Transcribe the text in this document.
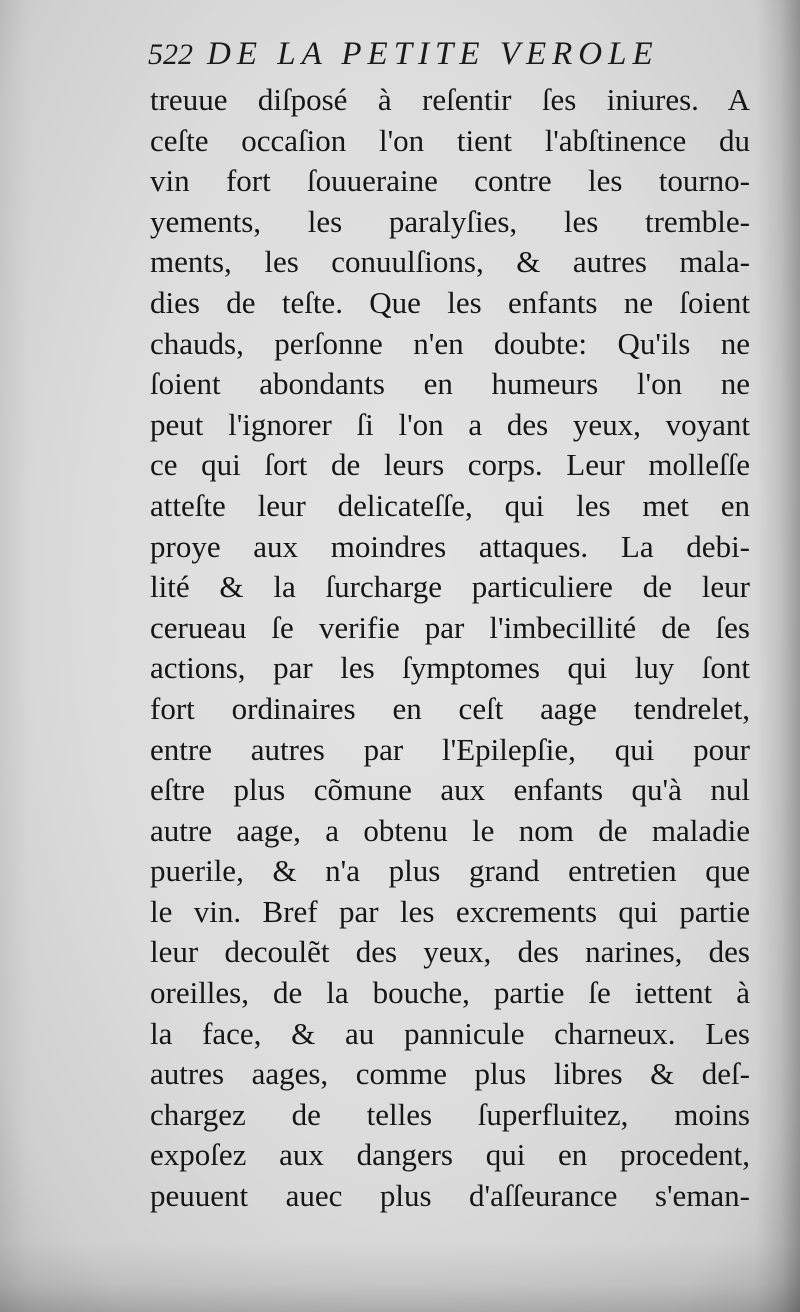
522 DE LA PETITE VEROLE
treuue diſposé à reſentir ſes iniures. A
ceſte occaſion l'on tient l'abſtinence du
vin fort ſouueraine contre les tourno-
yements, les paralyſies, les tremble-
ments, les conuulſions, & autres mala-
dies de teſte. Que les enfants ne ſoient
chauds, perſonne n'en doubte: Qu'ils ne
ſoient abondants en humeurs l'on ne
peut l'ignorer ſi l'on a des yeux, voyant
ce qui ſort de leurs corps. Leur molleſſe
atteſte leur delicateſſe, qui les met en
proye aux moindres attaques. La debi-
lité & la ſurcharge particuliere de leur
cerueau ſe verifie par l'imbecillité de ſes
actions, par les ſymptomes qui luy ſont
fort ordinaires en ceſt aage tendrelet,
entre autres par l'Epilepſie, qui pour
eſtre plus cõmune aux enfants qu'à nul
autre aage, a obtenu le nom de maladie
puerile, & n'a plus grand entretien que
le vin. Bref par les excrements qui partie
leur decoulẽt des yeux, des narines, des
oreilles, de la bouche, partie ſe iettent à
la face, & au pannicule charneux. Les
autres aages, comme plus libres & deſ-
chargez de telles ſuperfluitez, moins
expoſez aux dangers qui en procedent,
peuuent auec plus d'aſſeurance s'eman-
